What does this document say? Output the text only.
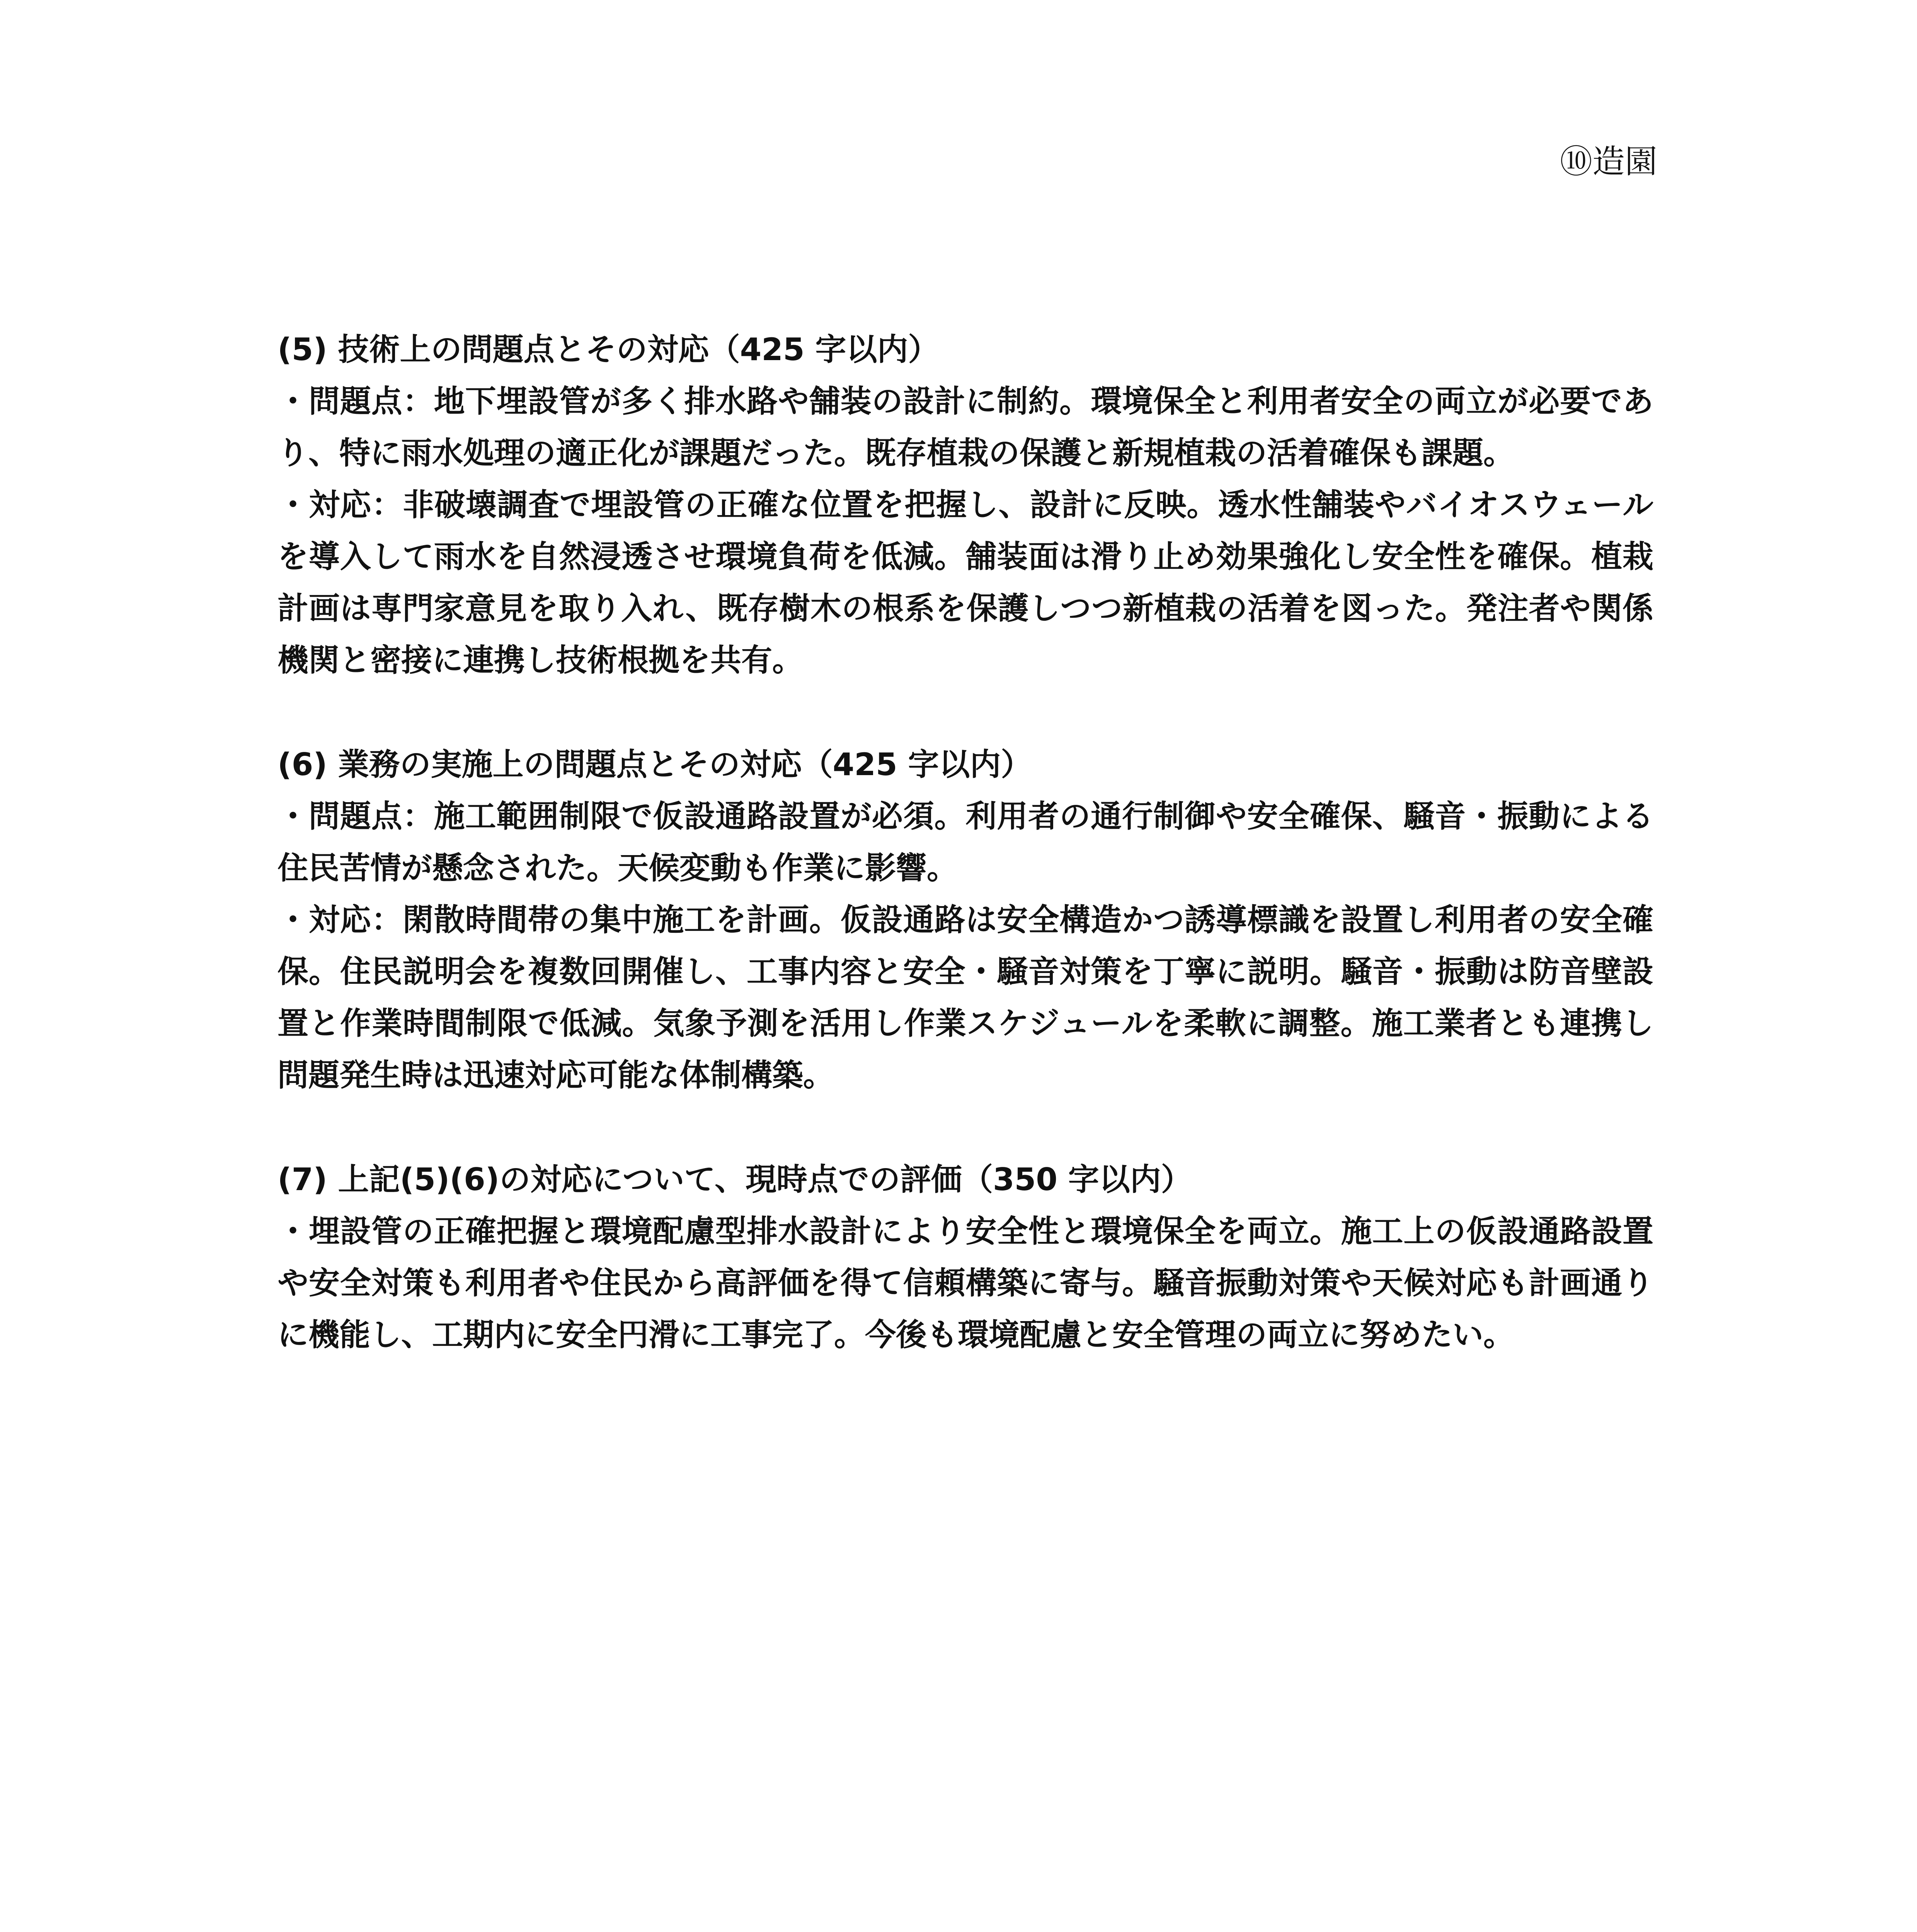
⑩造園
(5) 技術上の問題点とその対応（425 字以内）

・問題点：地下埋設管が多く排水路や舗装の設計に制約。環境保全と利用者安全の両立が必要であり、特に雨水処理の適正化が課題だった。既存植栽の保護と新規植栽の活着確保も課題。

・対応：非破壊調査で埋設管の正確な位置を把握し、設計に反映。透水性舗装やバイオスウェールを導入して雨水を自然浸透させ環境負荷を低減。舗装面は滑り止め効果強化し安全性を確保。植栽計画は専門家意見を取り入れ、既存樹木の根系を保護しつつ新植栽の活着を図った。発注者や関係機関と密接に連携し技術根拠を共有。

(6) 業務の実施上の問題点とその対応（425 字以内）

・問題点：施工範囲制限で仮設通路設置が必須。利用者の通行制御や安全確保、騒音・振動による住民苦情が懸念された。天候変動も作業に影響。

・対応：閑散時間帯の集中施工を計画。仮設通路は安全構造かつ誘導標識を設置し利用者の安全確保。住民説明会を複数回開催し、工事内容と安全・騒音対策を丁寧に説明。騒音・振動は防音壁設置と作業時間制限で低減。気象予測を活用し作業スケジュールを柔軟に調整。施工業者とも連携し問題発生時は迅速対応可能な体制構築。

(7) 上記(5)(6)の対応について、現時点での評価（350 字以内）

・埋設管の正確把握と環境配慮型排水設計により安全性と環境保全を両立。施工上の仮設通路設置や安全対策も利用者や住民から高評価を得て信頼構築に寄与。騒音振動対策や天候対応も計画通りに機能し、工期内に安全円滑に工事完了。今後も環境配慮と安全管理の両立に努めたい。
